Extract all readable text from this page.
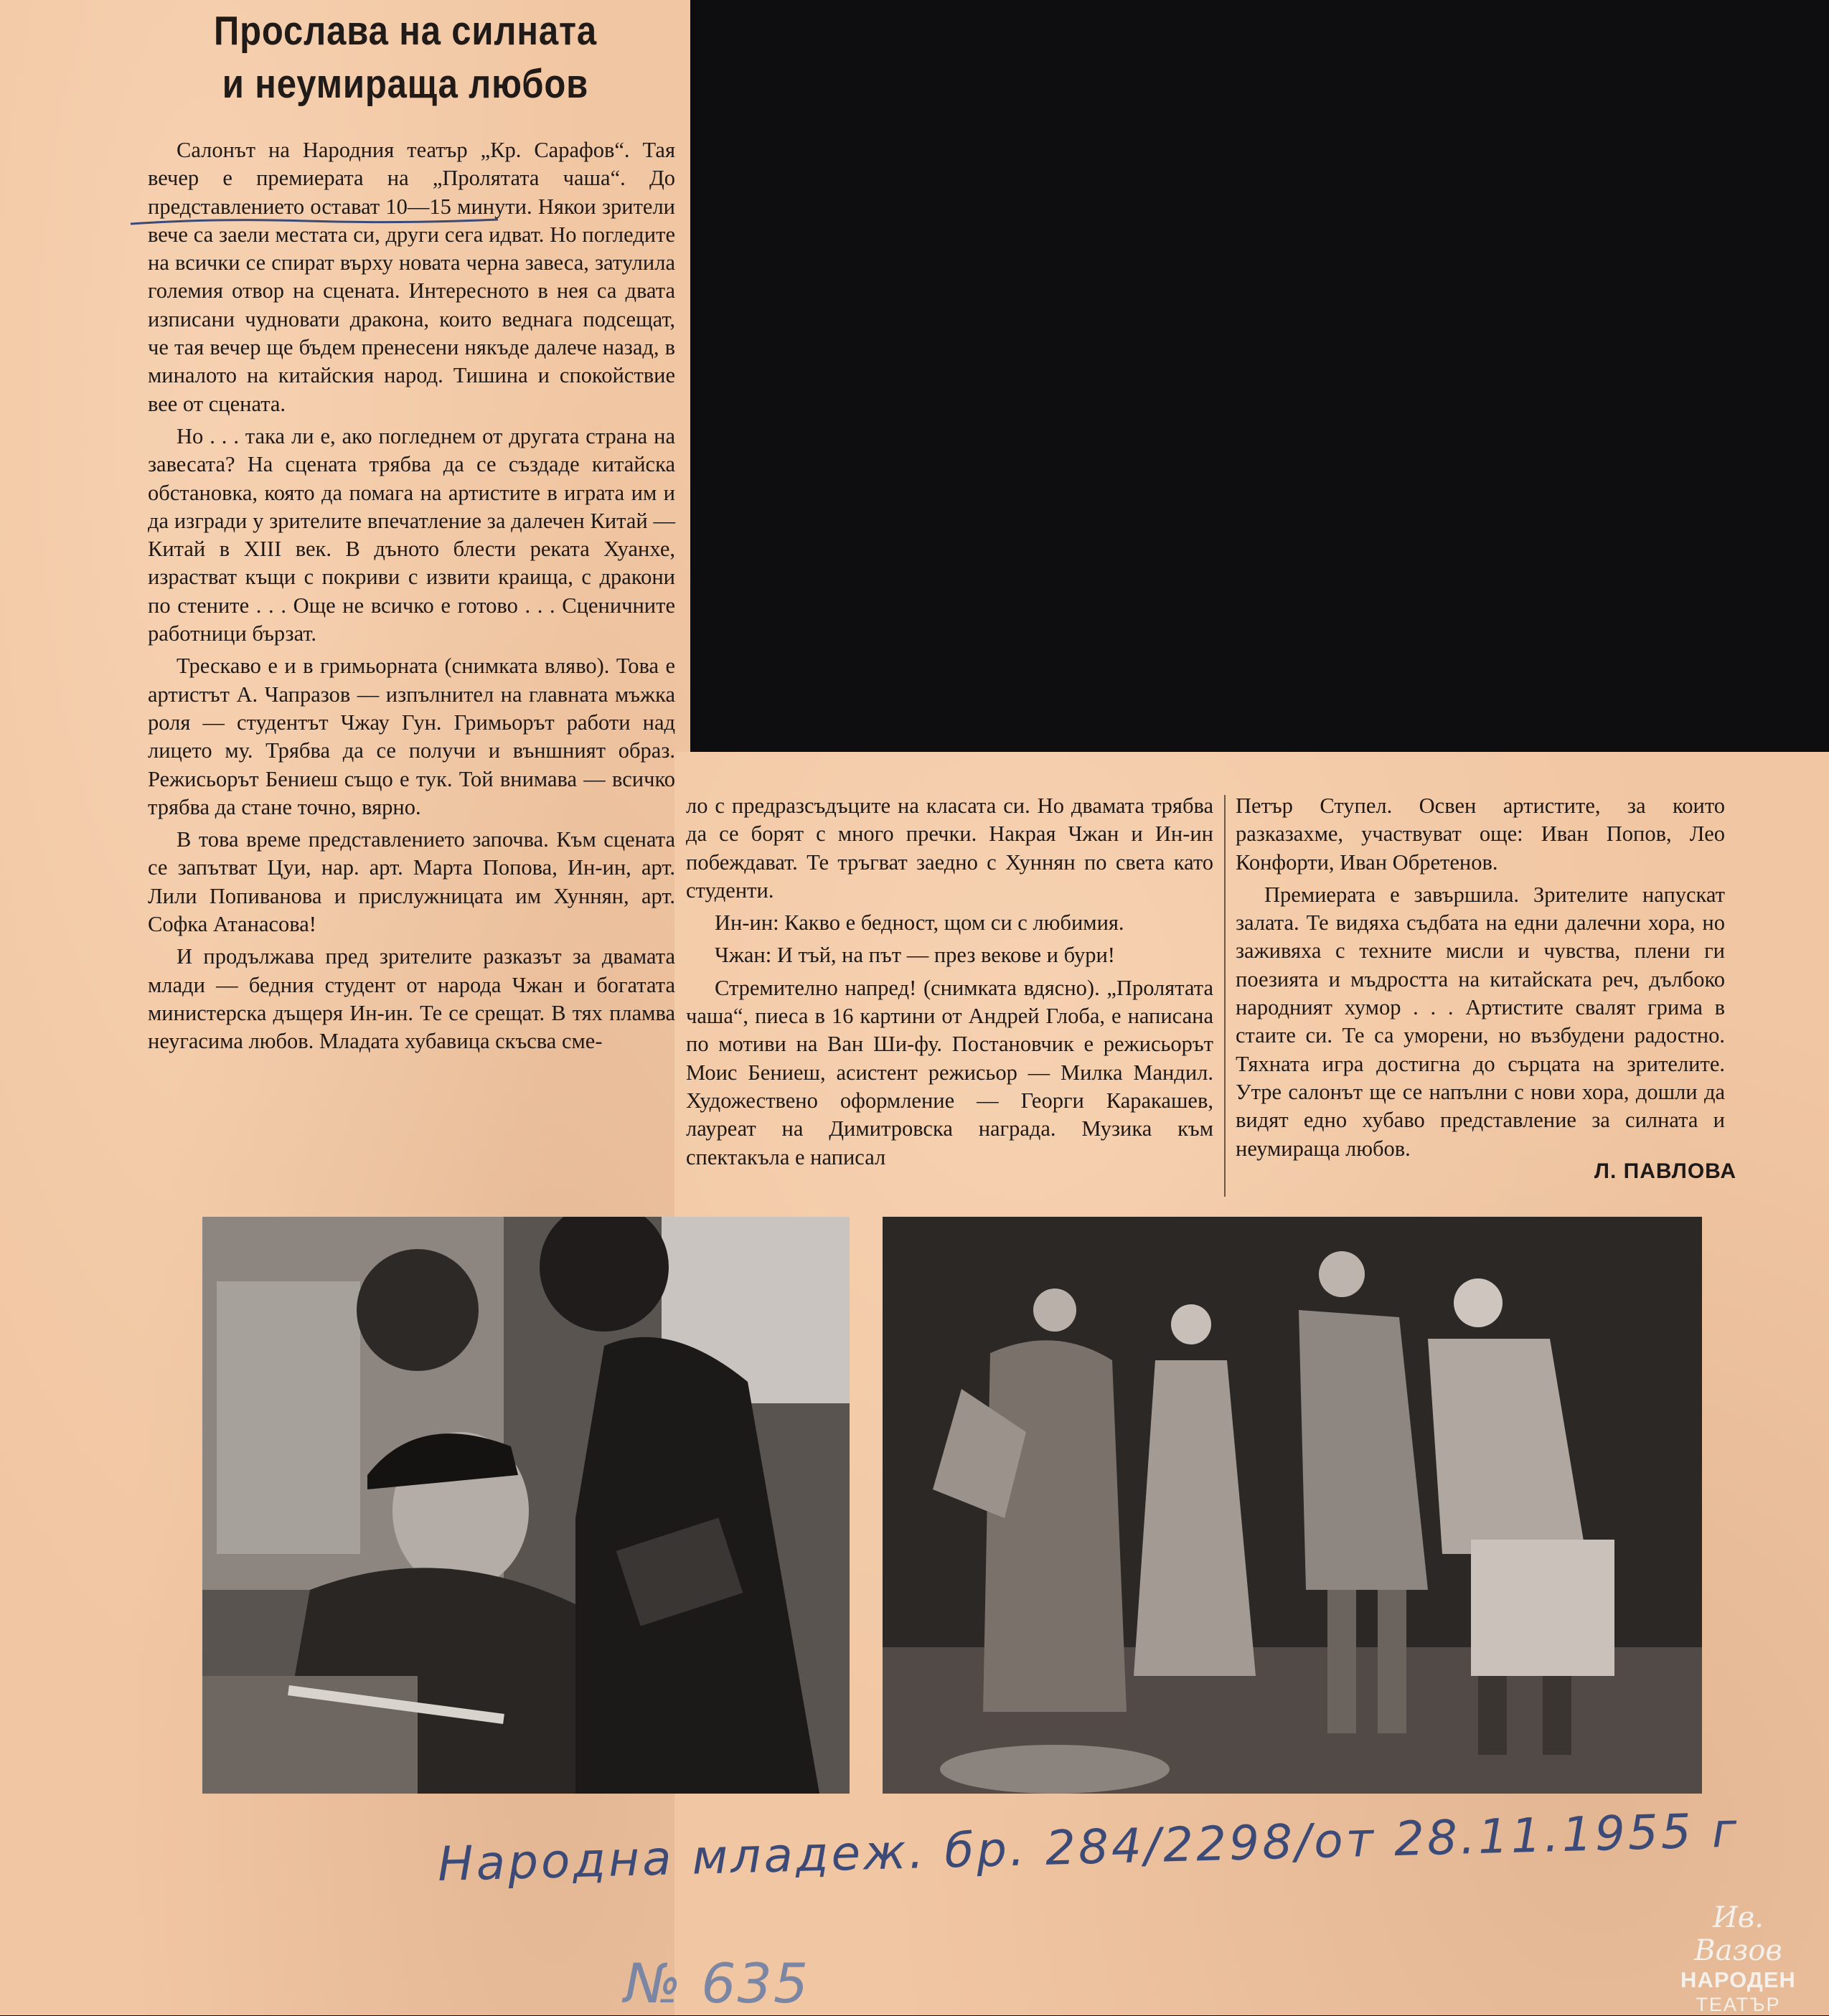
Прослава на силната
и неумираща любов

Салонът на Народния театър „Кр. Сарафов“. Тая вечер е премиерата на „Пролятата чаша“. До представлението остават 10—15 минути. Някои зрители вече са заели местата си, други сега идват. Но погледите на всички се спират върху новата черна завеса, затулила големия отвор на сцената. Интересното в нея са двата изписани чудновати дракона, които веднага подсещат, че тая вечер ще бъдем пренесени някъде далече назад, в миналото на китайския народ. Тишина и спокойствие вее от сцената.

Но . . . така ли е, ако погледнем от другата страна на завесата? На сцената трябва да се създаде китайска обстановка, която да помага на артистите в играта им и да изгради у зрителите впечатление за далечен Китай — Китай в XIII век. В дъното блести реката Хуанхе, израстват къщи с покриви с извити краища, с дракони по стените . . . Още не всичко е готово . . . Сценичните работници бързат.

Трескаво е и в гримьорната (снимката вляво). Това е артистът А. Чапразов — изпълнител на главната мъжка роля — студентът Чжау Гун. Гримьорът работи над лицето му. Трябва да се получи и външният образ. Режисьорът Бениеш също е тук. Той внимава — всичко трябва да стане точно, вярно.

В това време представлението започва. Към сцената се запътват Цуи, нар. арт. Марта Попова, Ин-ин, арт. Лили Попиванова и прислужницата им Хуннян, арт. Софка Атанасова!

И продължава пред зрителите разказът за двамата млади — бедния студент от народа Чжан и богатата министерска дъщеря Ин-ин. Те се срещат. В тях пламва неугасима любов. Младата хубавица скъсва сме-

ло с предразсъдъците на класата си. Но двамата трябва да се борят с много пречки. Накрая Чжан и Ин-ин побеждават. Те тръгват заедно с Хуннян по света като студенти.

Ин-ин: Какво е бедност, щом си с любимия.

Чжан: И тъй, на път — през векове и бури!

Стремително напред! (снимката вдясно). „Пролятата чаша“, пиеса в 16 картини от Андрей Глоба, е написана по мотиви на Ван Ши-фу. Постановчик е режисьорът Моис Бениеш, асистент режисьор — Милка Мандил. Художествено оформление — Георги Каракашев, лауреат на Димитровска награда. Музика към спектакъла е написал

Петър Ступел. Освен артистите, за които разказахме, участвуват още: Иван Попов, Лео Конфорти, Иван Обретенов.

Премиерата е завършила. Зрителите напускат залата. Те видяха съдбата на едни далечни хора, но заживяха с техните мисли и чувства, плени ги поезията и мъдростта на китайската реч, дълбоко народният хумор . . . Артистите свалят грима в стаите си. Те са уморени, но възбудени радостно. Тяхната игра достигна до сърцата на зрителите. Утре салонът ще се напълни с нови хора, дошли да видят едно хубаво представление за силната и неумираща любов.

Л. ПАВЛОВА
Народна младеж. бр. 284/2298/от 28.11.1955 г
№ 635
Ив. Вазов
НАРОДЕН
ТЕАТЪР
